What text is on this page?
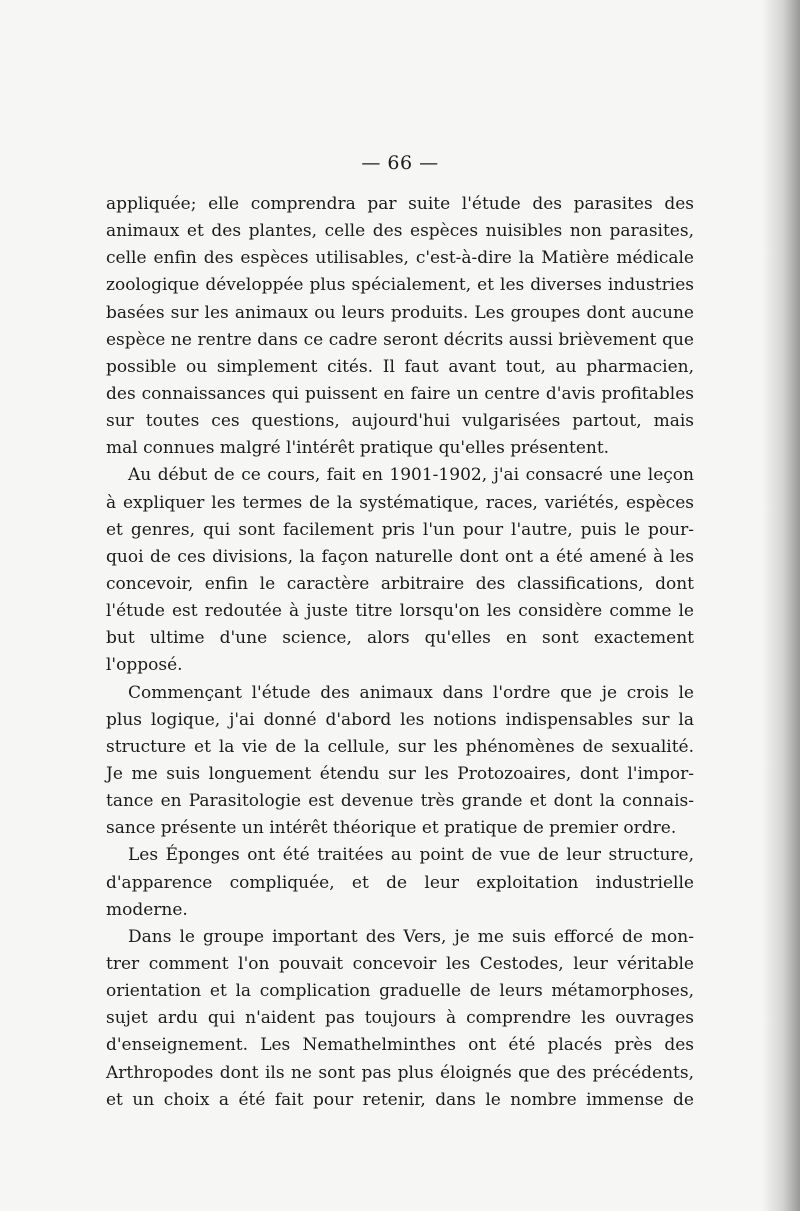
— 66 —
appliquée; elle comprendra par suite l'étude des parasites des
animaux et des plantes, celle des espèces nuisibles non parasites,
celle enfin des espèces utilisables, c'est-à-dire la Matière médicale
zoologique développée plus spécialement, et les diverses industries
basées sur les animaux ou leurs produits. Les groupes dont aucune
espèce ne rentre dans ce cadre seront décrits aussi brièvement que
possible ou simplement cités. Il faut avant tout, au pharmacien,
des connaissances qui puissent en faire un centre d'avis profitables
sur toutes ces questions, aujourd'hui vulgarisées partout, mais
mal connues malgré l'intérêt pratique qu'elles présentent.
Au début de ce cours, fait en 1901-1902, j'ai consacré une leçon
à expliquer les termes de la systématique, races, variétés, espèces
et genres, qui sont facilement pris l'un pour l'autre, puis le pour-
quoi de ces divisions, la façon naturelle dont ont a été amené à les
concevoir, enfin le caractère arbitraire des classifications, dont
l'étude est redoutée à juste titre lorsqu'on les considère comme le
but ultime d'une science, alors qu'elles en sont exactement
l'opposé.
Commençant l'étude des animaux dans l'ordre que je crois le
plus logique, j'ai donné d'abord les notions indispensables sur la
structure et la vie de la cellule, sur les phénomènes de sexualité.
Je me suis longuement étendu sur les Protozoaires, dont l'impor-
tance en Parasitologie est devenue très grande et dont la connais-
sance présente un intérêt théorique et pratique de premier ordre.
Les Éponges ont été traitées au point de vue de leur structure,
d'apparence compliquée, et de leur exploitation industrielle
moderne.
Dans le groupe important des Vers, je me suis efforcé de mon-
trer comment l'on pouvait concevoir les Cestodes, leur véritable
orientation et la complication graduelle de leurs métamorphoses,
sujet ardu qui n'aident pas toujours à comprendre les ouvrages
d'enseignement. Les Nemathelminthes ont été placés près des
Arthropodes dont ils ne sont pas plus éloignés que des précédents,
et un choix a été fait pour retenir, dans le nombre immense de
